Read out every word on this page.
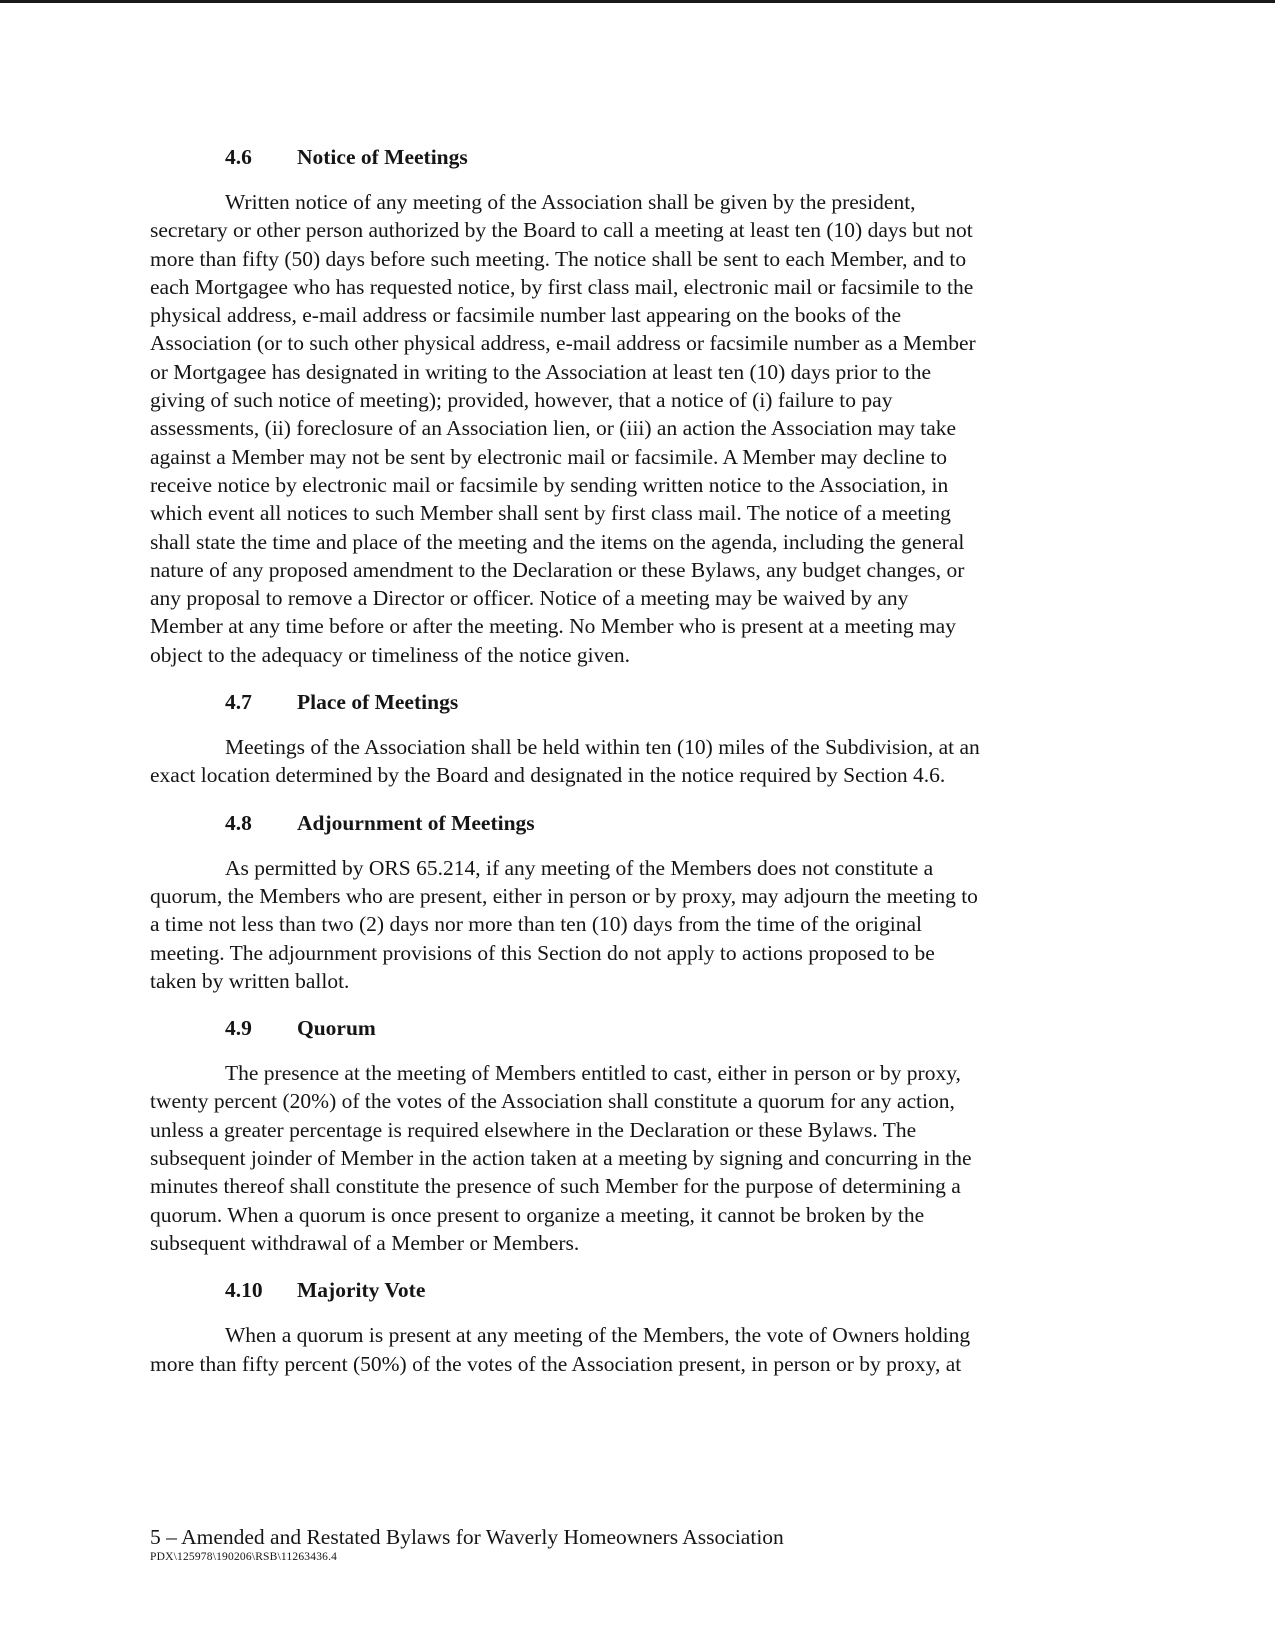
4.6 Notice of Meetings

Written notice of any meeting of the Association shall be given by the president,
secretary or other person authorized by the Board to call a meeting at least ten (10) days but not
more than fifty (50) days before such meeting. The notice shall be sent to each Member, and to
each Mortgagee who has requested notice, by first class mail, electronic mail or facsimile to the
physical address, e-mail address or facsimile number last appearing on the books of the
Association (or to such other physical address, e-mail address or facsimile number as a Member
or Mortgagee has designated in writing to the Association at least ten (10) days prior to the
giving of such notice of meeting); provided, however, that a notice of (i) failure to pay
assessments, (ii) foreclosure of an Association lien, or (iii) an action the Association may take
against a Member may not be sent by electronic mail or facsimile. A Member may decline to
receive notice by electronic mail or facsimile by sending written notice to the Association, in
which event all notices to such Member shall sent by first class mail. The notice of a meeting
shall state the time and place of the meeting and the items on the agenda, including the general
nature of any proposed amendment to the Declaration or these Bylaws, any budget changes, or
any proposal to remove a Director or officer. Notice of a meeting may be waived by any
Member at any time before or after the meeting. No Member who is present at a meeting may
object to the adequacy or timeliness of the notice given.

4.7 Place of Meetings

Meetings of the Association shall be held within ten (10) miles of the Subdivision, at an
exact location determined by the Board and designated in the notice required by Section 4.6.

4.8 Adjournment of Meetings

As permitted by ORS 65.214, if any meeting of the Members does not constitute a
quorum, the Members who are present, either in person or by proxy, may adjourn the meeting to
a time not less than two (2) days nor more than ten (10) days from the time of the original
meeting. The adjournment provisions of this Section do not apply to actions proposed to be
taken by written ballot.

4.9 Quorum

The presence at the meeting of Members entitled to cast, either in person or by proxy,
twenty percent (20%) of the votes of the Association shall constitute a quorum for any action,
unless a greater percentage is required elsewhere in the Declaration or these Bylaws. The
subsequent joinder of Member in the action taken at a meeting by signing and concurring in the
minutes thereof shall constitute the presence of such Member for the purpose of determining a
quorum. When a quorum is once present to organize a meeting, it cannot be broken by the
subsequent withdrawal of a Member or Members.

4.10 Majority Vote

When a quorum is present at any meeting of the Members, the vote of Owners holding
more than fifty percent (50%) of the votes of the Association present, in person or by proxy, at

5 – Amended and Restated Bylaws for Waverly Homeowners Association
PDX\125978\190206\RSB\11263436.4
